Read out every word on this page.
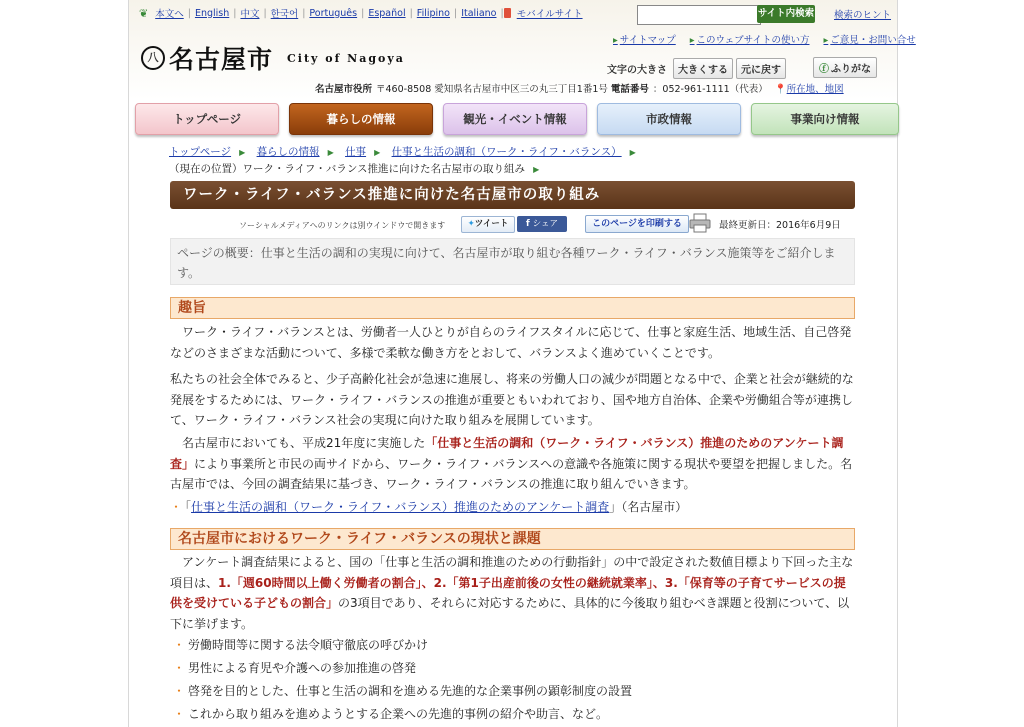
❦ 本文へ | English | 中文 | 한국어 | Português | Español | Filipino | Italiano | モバイルサイト	サイト内検索 検索のヒント
八 名古屋市 City of Nagoya
▸ サイトマップ ▸ このウェブサイトの使い方 ▸ ご意見・お問い合せ
文字の大きさ	大きくする	元に戻す	ⓕ ふりがな
名古屋市役所 〒460-8508 愛知県名古屋市中区三の丸三丁目1番1号 電話番号 ：052-961-1111（代表） 📍所在地、地図
トップページ	暮らしの情報	観光・イベント情報	市政情報	事業向け情報
トップページ ▶ 暮らしの情報 ▶ 仕事 ▶ 仕事と生活の調和（ワーク・ライフ・バランス） ▶
（現在の位置）ワーク・ライフ・バランス推進に向けた名古屋市の取り組み ▶
ワーク・ライフ・バランス推進に向けた名古屋市の取り組み
ソーシャルメディアへのリンクは別ウインドウで開きます	✦ツイート	f シェア	このページを印刷する	最終更新日：2016年6月9日
ページの概要：仕事と生活の調和の実現に向けて、名古屋市が取り組む各種ワーク・ライフ・バランス施策等をご紹介します。
趣旨
ワーク・ライフ・バランスとは、労働者一人ひとりが自らのライフスタイルに応じて、仕事と家庭生活、地域生活、自己啓発などのさまざまな活動について、多様で柔軟な働き方をとおして、バランスよく進めていくことです。
私たちの社会全体でみると、少子高齢化社会が急速に進展し、将来の労働人口の減少が問題となる中で、企業と社会が継続的な発展をするためには、ワーク・ライフ・バランスの推進が重要ともいわれており、国や地方自治体、企業や労働組合等が連携して、ワーク・ライフ・バランス社会の実現に向けた取り組みを展開しています。
名古屋市においても、平成21年度に実施した「仕事と生活の調和（ワーク・ライフ・バランス）推進のためのアンケート調査」により事業所と市民の両サイドから、ワーク・ライフ・バランスへの意識や各施策に関する現状や要望を把握しました。名古屋市では、今回の調査結果に基づき、ワーク・ライフ・バランスの推進に取り組んでいきます。
・ 「仕事と生活の調和（ワーク・ライフ・バランス）推進のためのアンケート調査」（名古屋市）
名古屋市におけるワーク・ライフ・バランスの現状と課題
アンケート調査結果によると、国の「仕事と生活の調和推進のための行動指針」の中で設定された数値目標より下回った主な項目は、1.「週60時間以上働く労働者の割合」、2.「第1子出産前後の女性の継続就業率」、3.「保育等の子育てサービスの提供を受けている子どもの割合」の3項目であり、それらに対応するために、具体的に今後取り組むべき課題と役割について、以下に挙げます。
・ 労働時間等に関する法令順守徹底の呼びかけ
・ 男性による育児や介護への参加推進の啓発
・ 啓発を目的とした、仕事と生活の調和を進める先進的な企業事例の顕彰制度の設置
・ これから取り組みを進めようとする企業への先進的事例の紹介や助言、など。
